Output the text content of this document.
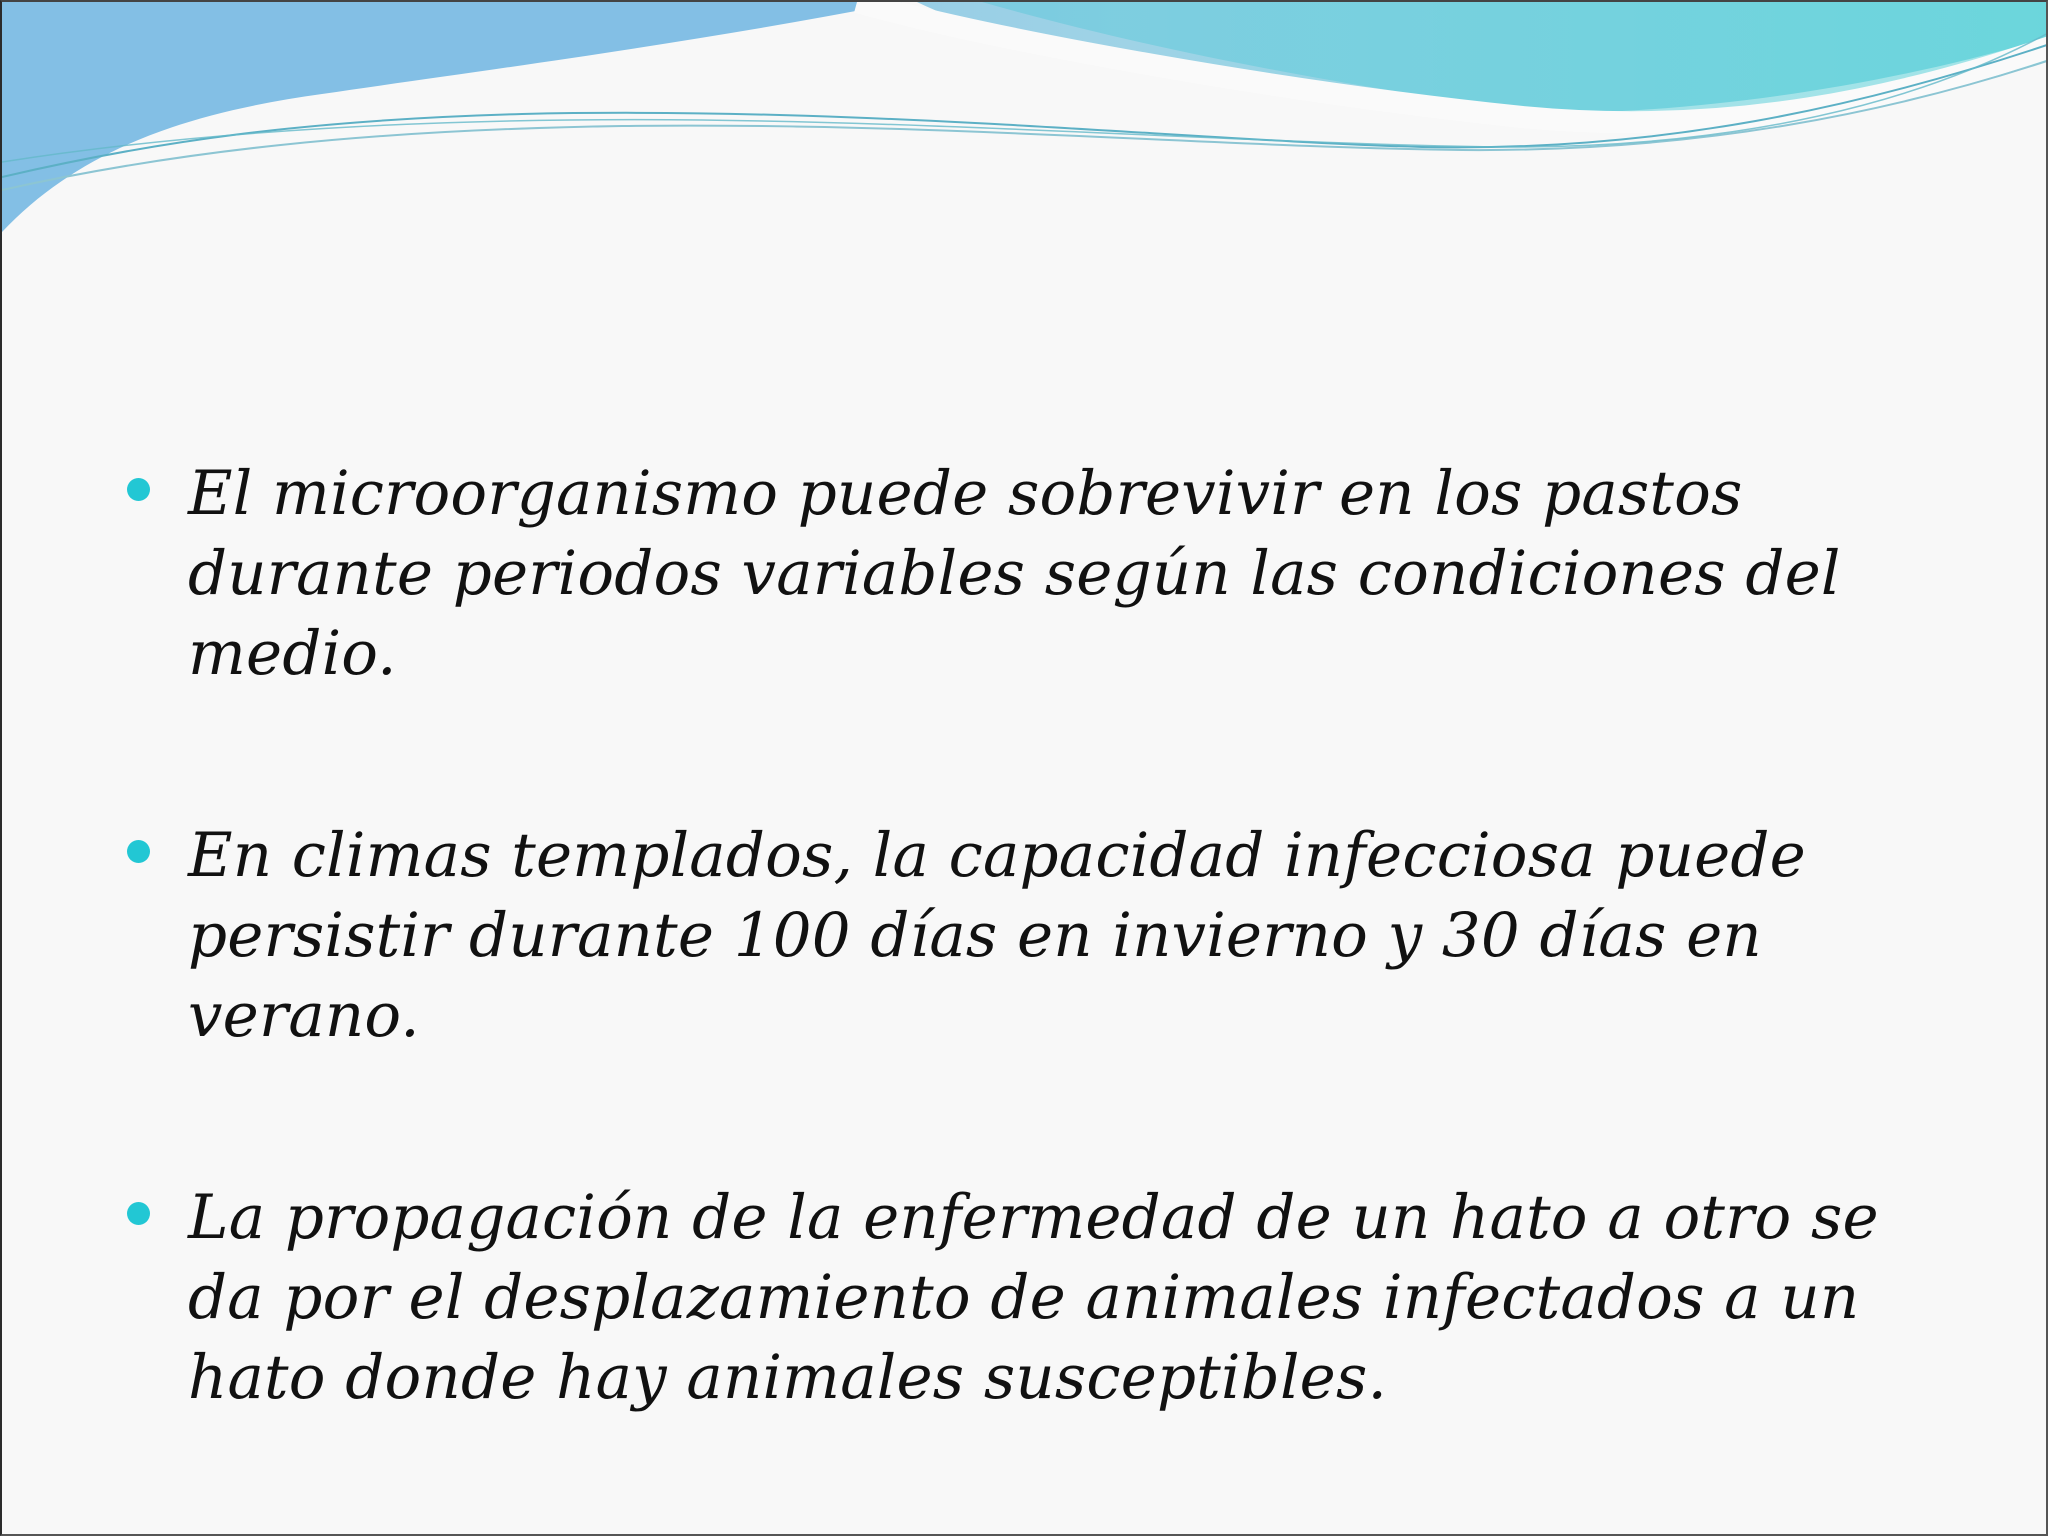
El microorganismo puede sobrevivir en los pastos
durante periodos variables según las condiciones del
medio.

En climas templados, la capacidad infecciosa puede
persistir durante 100 días en invierno y 30 días en
verano.

La propagación de la enfermedad de un hato a otro se
da por el desplazamiento de animales infectados a un
hato donde hay animales susceptibles.
